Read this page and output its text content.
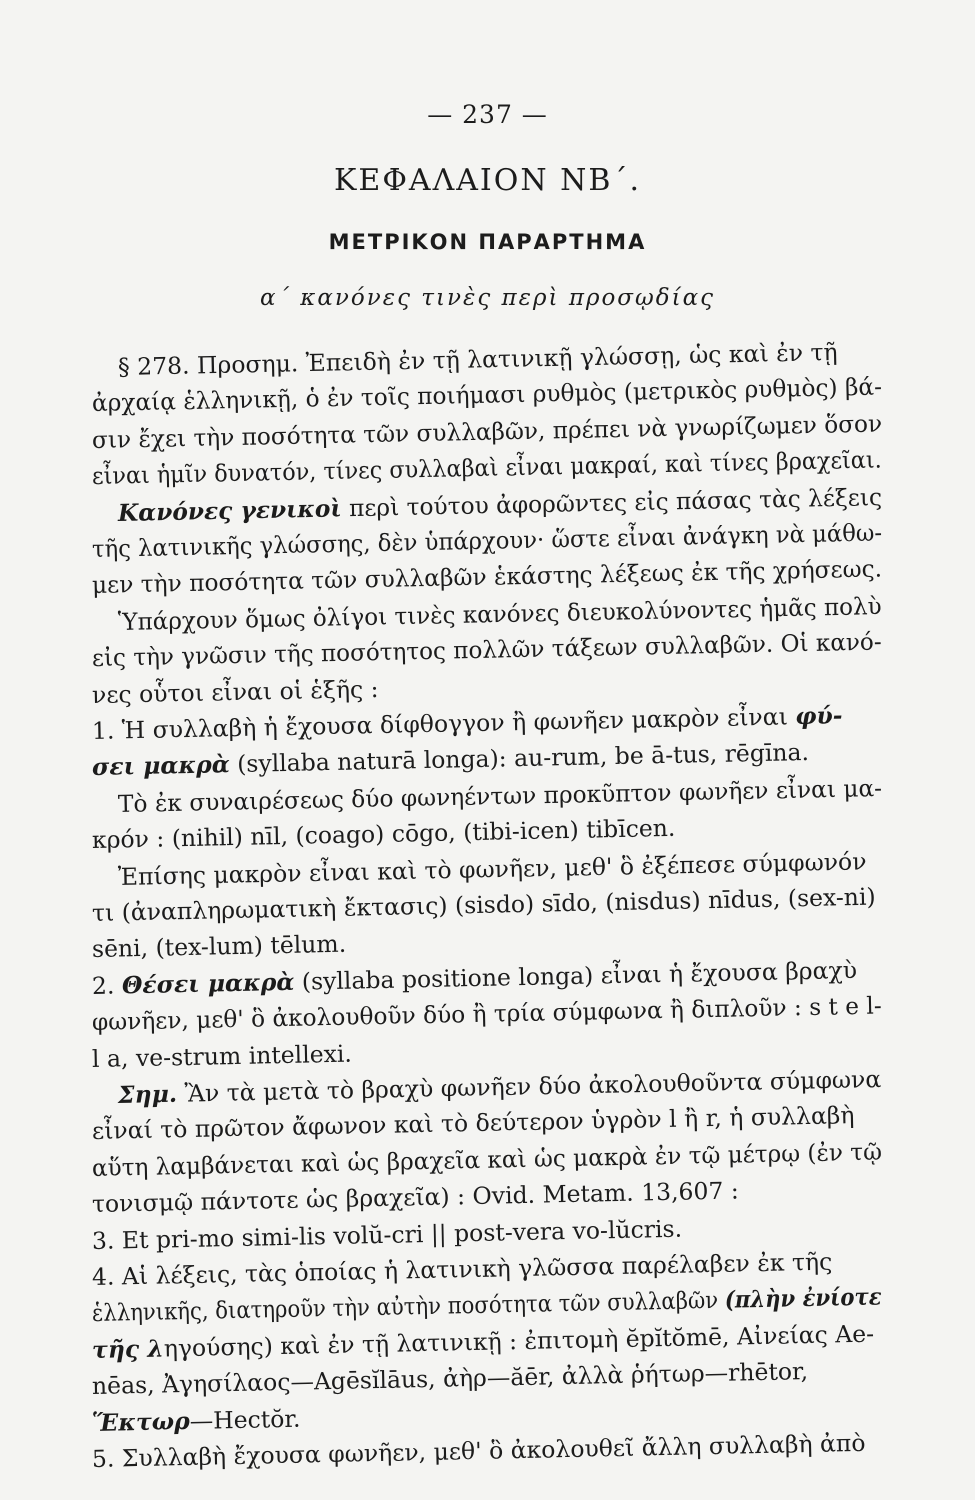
— 237 —
ΚΕΦΑΛΑΙΟΝ ΝΒ΄.
ΜΕΤΡΙΚΟΝ ΠΑΡΑΡΤΗΜΑ
α΄ κανόνες τινὲς περὶ προσῳδίας
§ 278. Προσημ. Ἐπειδὴ ἐν τῇ λατινικῇ γλώσσῃ, ὡς καὶ ἐν τῇ
ἀρχαίᾳ ἑλληνικῇ, ὁ ἐν τοῖς ποιήμασι ρυθμὸς (μετρικὸς ρυθμὸς) βά-
σιν ἔχει τὴν ποσότητα τῶν συλλαβῶν, πρέπει νὰ γνωρίζωμεν ὅσον
εἶναι ἡμῖν δυνατόν, τίνες συλλαβαὶ εἶναι μακραί, καὶ τίνες βραχεῖαι.
Κανόνες γενικοὶ περὶ τούτου ἀφορῶντες εἰς πάσας τὰς λέξεις
τῆς λατινικῆς γλώσσης, δὲν ὑπάρχουν· ὥστε εἶναι ἀνάγκη νὰ μάθω-
μεν τὴν ποσότητα τῶν συλλαβῶν ἑκάστης λέξεως ἐκ τῆς χρήσεως.
Ὑπάρχουν ὅμως ὀλίγοι τινὲς κανόνες διευκολύνοντες ἡμᾶς πολὺ
εἰς τὴν γνῶσιν τῆς ποσότητος πολλῶν τάξεων συλλαβῶν. Οἱ κανό-
νες οὗτοι εἶναι οἱ ἑξῆς :
1. Ἡ συλλαβὴ ἡ ἔχουσα δίφθογγον ἢ φωνῆεν μακρὸν εἶναι φύ-
σει μακρὰ (syllaba naturā longa): au-rum, be ā-tus, rēgīna.
Τὸ ἐκ συναιρέσεως δύο φωνηέντων προκῦπτον φωνῆεν εἶναι μα-
κρόν : (nihil) nīl, (coago) cōgo, (tibi-icen) tibīcen.
Ἐπίσης μακρὸν εἶναι καὶ τὸ φωνῆεν, μεθ' ὃ ἐξέπεσε σύμφωνόν
τι (ἀναπληρωματικὴ ἔκτασις) (sisdo) sīdo, (nisdus) nīdus, (sex-ni)
sēni, (tex-lum) tēlum.
2. Θέσει μακρὰ (syllaba positione longa) εἶναι ἡ ἔχουσα βραχὺ
φωνῆεν, μεθ' ὃ ἀκολουθοῦν δύο ἢ τρία σύμφωνα ἢ διπλοῦν : s t e l-
l a, ve-strum intellexi.
Σημ. Ἂν τὰ μετὰ τὸ βραχὺ φωνῆεν δύο ἀκολουθοῦντα σύμφωνα
εἶναί τὸ πρῶτον ἄφωνον καὶ τὸ δεύτερον ὑγρὸν l ἢ r, ἡ συλλαβὴ
αὕτη λαμβάνεται καὶ ὡς βραχεῖα καὶ ὡς μακρὰ ἐν τῷ μέτρῳ (ἐν τῷ
τονισμῷ πάντοτε ὡς βραχεῖα) : Ovid. Metam. 13,607 :
3. Et pri-mo simi-lis volŭ-cri || post-vera vo-lŭcris.
4. Αἱ λέξεις, τὰς ὁποίας ἡ λατινικὴ γλῶσσα παρέλαβεν ἐκ τῆς
ἑλληνικῆς, διατηροῦν τὴν αὐτὴν ποσότητα τῶν συλλαβῶν (πλὴν ἐνίοτε
τῆς ληγούσης) καὶ ἐν τῇ λατινικῇ : ἐπιτομὴ ĕpĭtŏmē, Αἰνείας Ae-
nēas, Ἀγησίλαος—Agēsĭlāus, ἀὴρ—ăēr, ἀλλὰ ῥήτωρ—rhētor,
Ἕκτωρ—Hectŏr.
5. Συλλαβὴ ἔχουσα φωνῆεν, μεθ' ὃ ἀκολουθεῖ ἄλλη συλλαβὴ ἀπὸ
